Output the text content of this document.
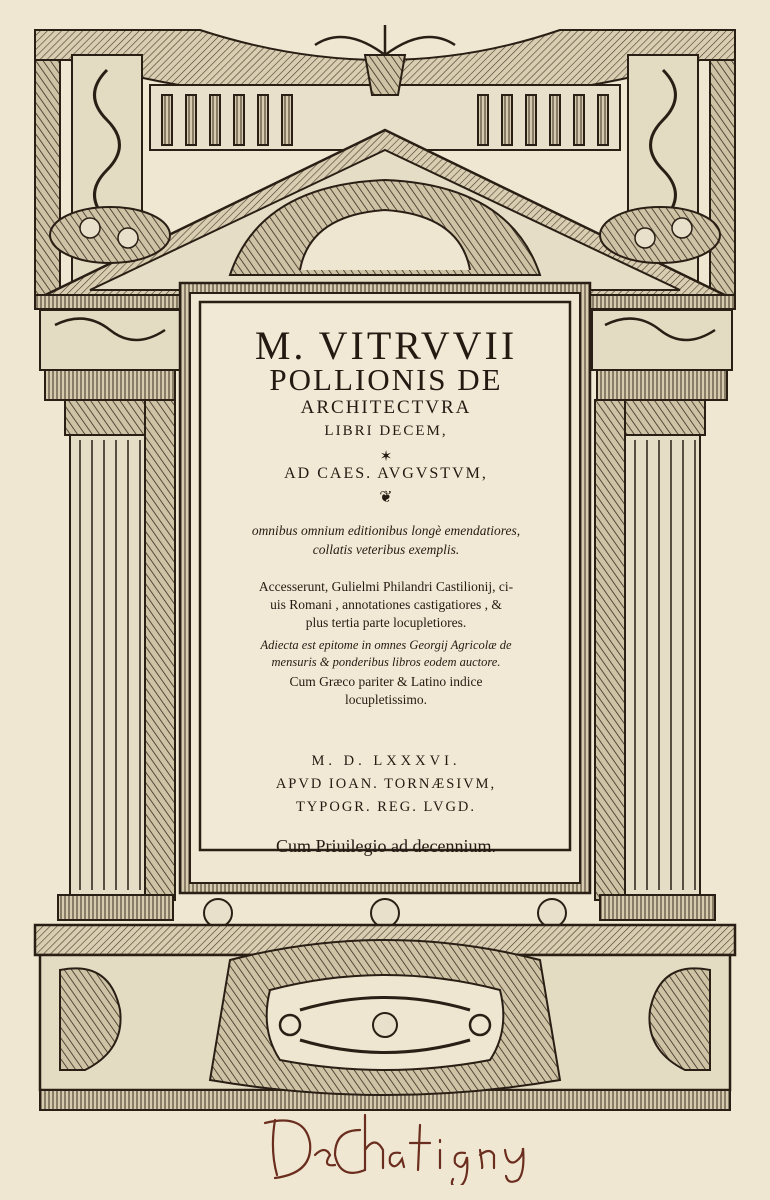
M. VITRVVII
POLLIONIS DE
ARCHITECTVRA
LIBRI DECEM,
✶
AD CAES. AVGVSTVM,
❦
omnibus omnium editionibus longè emendatiores,
collatis veteribus exemplis.
Accesserunt, Gulielmi Philandri Castilionij, ci-
uis Romani , annotationes castigatiores , &
plus tertia parte locupletiores.
Adiecta est epitome in omnes Georgij Agricolæ de
mensuris & ponderibus libros eodem auctore.
Cum Græco pariter & Latino indice
locupletissimo.
M. D. LXXXVI.
APVD IOAN. TORNÆSIVM,
TYPOGR. REG. LVGD.
Cum Priuilegio ad decennium.
